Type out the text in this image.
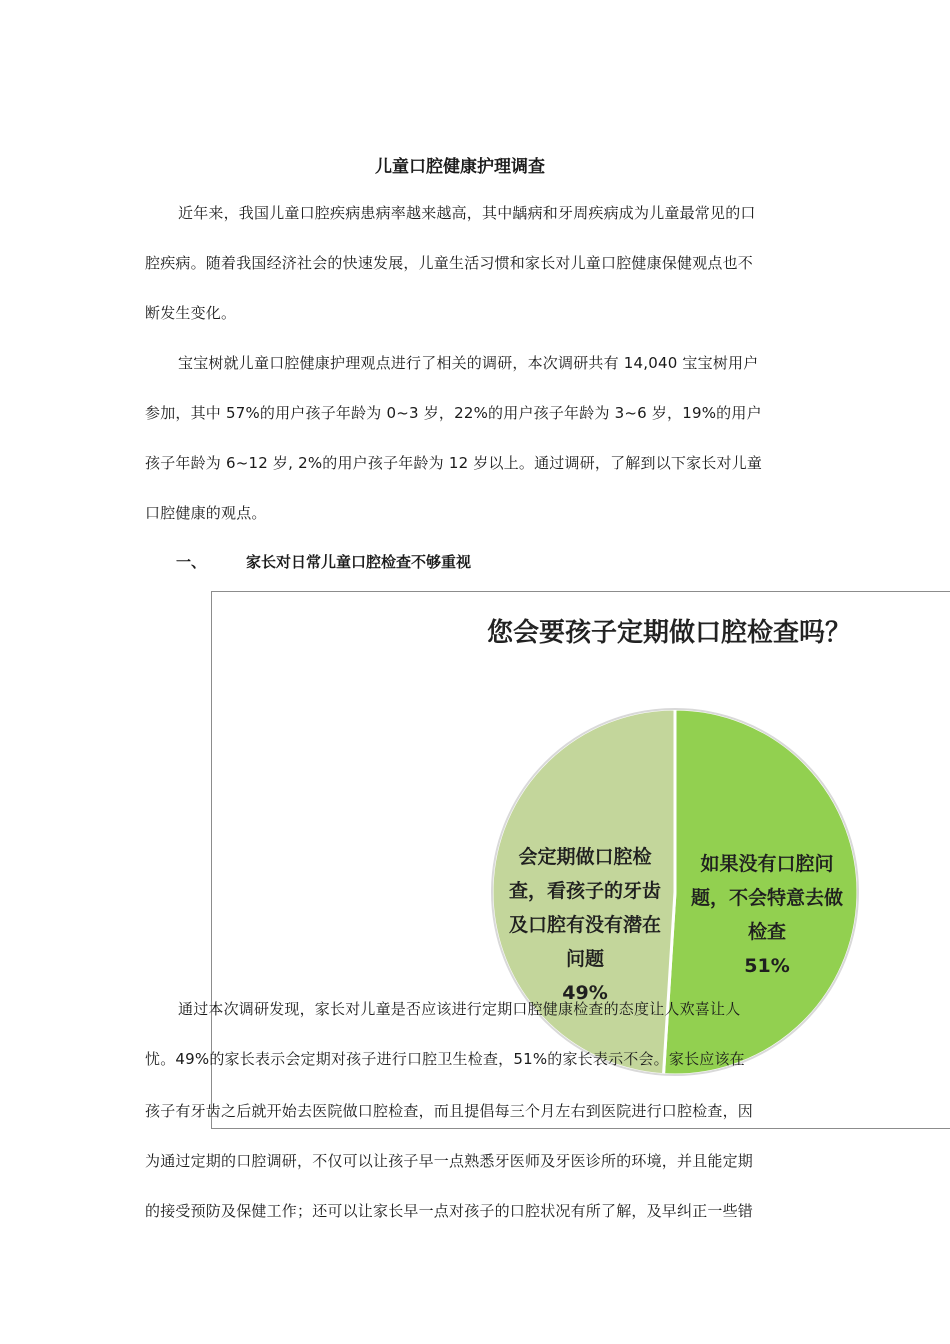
儿童口腔健康护理调查
近年来，我国儿童口腔疾病患病率越来越高，其中龋病和牙周疾病成为儿童最常见的口
腔疾病。随着我国经济社会的快速发展，儿童生活习惯和家长对儿童口腔健康保健观点也不
断发生变化。
宝宝树就儿童口腔健康护理观点进行了相关的调研，本次调研共有 14,040 宝宝树用户
参加，其中 57%的用户孩子年龄为 0~3 岁，22%的用户孩子年龄为 3~6 岁，19%的用户
孩子年龄为 6~12 岁, 2%的用户孩子年龄为 12 岁以上。通过调研，了解到以下家长对儿童
口腔健康的观点。
一、	家长对日常儿童口腔检查不够重视
您会要孩子定期做口腔检查吗？
会定期做口腔检
查，看孩子的牙齿
及口腔有没有潜在
问题
49%
如果没有口腔问
题，不会特意去做
检查
51%
通过本次调研发现，家长对儿童是否应该进行定期口腔健康检查的态度让人欢喜让人
忧。49%的家长表示会定期对孩子进行口腔卫生检查，51%的家长表示不会。家长应该在
孩子有牙齿之后就开始去医院做口腔检查，而且提倡每三个月左右到医院进行口腔检查，因
为通过定期的口腔调研，不仅可以让孩子早一点熟悉牙医师及牙医诊所的环境，并且能定期
的接受预防及保健工作；还可以让家长早一点对孩子的口腔状况有所了解，及早纠正一些错
